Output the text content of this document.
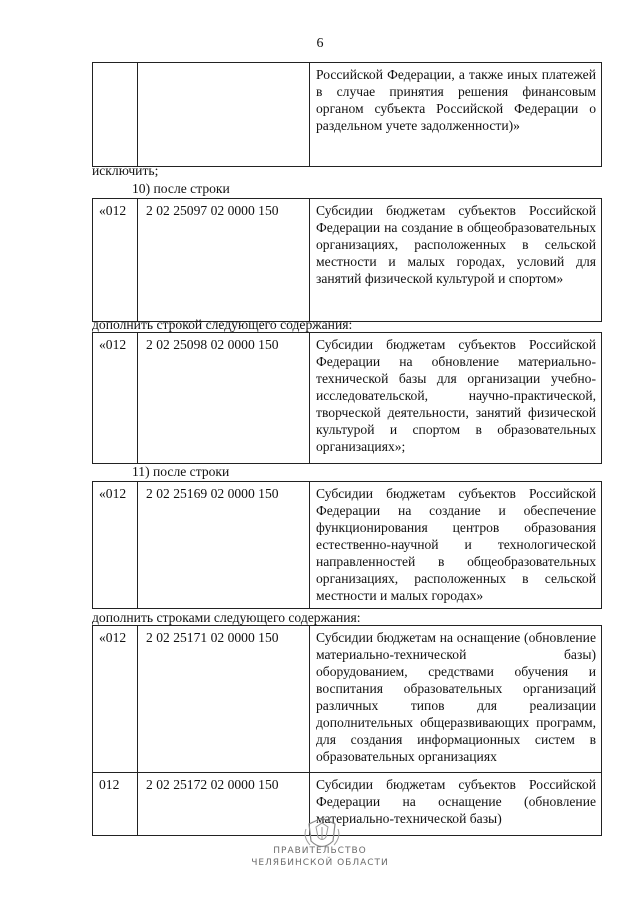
6
		Российской Федерации, а также иных платежей в случае принятия решения финансовым органом субъекта Российской Федерации о раздельном учете задолженности)»
исключить;
10) после строки
«012	2 02 25097 02 0000 150	Субсидии бюджетам субъектов Российской Федерации на создание в общеобразовательных организациях, расположенных в сельской местности и малых городах, условий для занятий физической культурой и спортом»
дополнить строкой следующего содержания:
«012	2 02 25098 02 0000 150	Субсидии бюджетам субъектов Российской Федерации на обновление материально-технической базы для организации учебно-исследовательской, научно-практической, творческой деятельности, занятий физической культурой и спортом в образовательных организациях»;
11) после строки
«012	2 02 25169 02 0000 150	Субсидии бюджетам субъектов Российской Федерации на создание и обеспечение функционирования центров образования естественно-научной и технологической направленностей в общеобразовательных организациях, расположенных в сельской местности и малых городах»
дополнить строками следующего содержания:
«012	2 02 25171 02 0000 150	Субсидии бюджетам на оснащение (обновление материально-технической базы) оборудованием, средствами обучения и воспитания образовательных организаций различных типов для реализации дополнительных общеразвивающих программ, для создания информационных систем в образовательных организациях
012	2 02 25172 02 0000 150	Субсидии бюджетам субъектов Российской Федерации на оснащение (обновление материально-технической базы)
ПРАВИТЕЛЬСТВО
ЧЕЛЯБИНСКОЙ ОБЛАСТИ
